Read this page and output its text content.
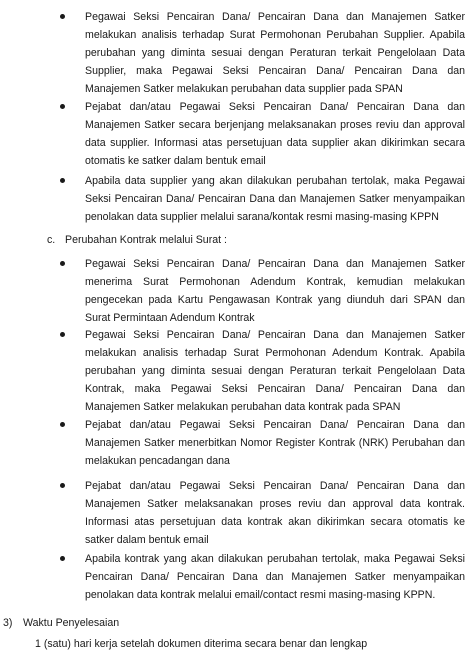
Pegawai Seksi Pencairan Dana/ Pencairan Dana dan Manajemen Satker melakukan analisis terhadap Surat Permohonan Perubahan Supplier. Apabila perubahan yang diminta sesuai dengan Peraturan terkait Pengelolaan Data Supplier, maka Pegawai Seksi Pencairan Dana/ Pencairan Dana dan Manajemen Satker melakukan perubahan data supplier pada SPAN

Pejabat dan/atau Pegawai Seksi Pencairan Dana/ Pencairan Dana dan Manajemen Satker secara berjenjang melaksanakan proses reviu dan approval data supplier. Informasi atas persetujuan data supplier akan dikirimkan secara otomatis ke satker dalam bentuk email

Apabila data supplier yang akan dilakukan perubahan tertolak, maka Pegawai Seksi Pencairan Dana/ Pencairan Dana dan Manajemen Satker menyampaikan penolakan data supplier melalui sarana/kontak resmi masing-masing KPPN

c. Perubahan Kontrak melalui Surat :

Pegawai Seksi Pencairan Dana/ Pencairan Dana dan Manajemen Satker menerima Surat Permohonan Adendum Kontrak, kemudian melakukan pengecekan pada Kartu Pengawasan Kontrak yang diunduh dari SPAN dan Surat Permintaan Adendum Kontrak

Pegawai Seksi Pencairan Dana/ Pencairan Dana dan Manajemen Satker melakukan analisis terhadap Surat Permohonan Adendum Kontrak. Apabila perubahan yang diminta sesuai dengan Peraturan terkait Pengelolaan Data Kontrak, maka Pegawai Seksi Pencairan Dana/ Pencairan Dana dan Manajemen Satker melakukan perubahan data kontrak pada SPAN

Pejabat dan/atau Pegawai Seksi Pencairan Dana/ Pencairan Dana dan Manajemen Satker menerbitkan Nomor Register Kontrak (NRK) Perubahan dan melakukan pencadangan dana

Pejabat dan/atau Pegawai Seksi Pencairan Dana/ Pencairan Dana dan Manajemen Satker melaksanakan proses reviu dan approval data kontrak. Informasi atas persetujuan data kontrak akan dikirimkan secara otomatis ke satker dalam bentuk email

Apabila kontrak yang akan dilakukan perubahan tertolak, maka Pegawai Seksi Pencairan Dana/ Pencairan Dana dan Manajemen Satker menyampaikan penolakan data kontrak melalui email/contact resmi masing-masing KPPN.

3) Waktu Penyelesaian
1 (satu) hari kerja setelah dokumen diterima secara benar dan lengkap
